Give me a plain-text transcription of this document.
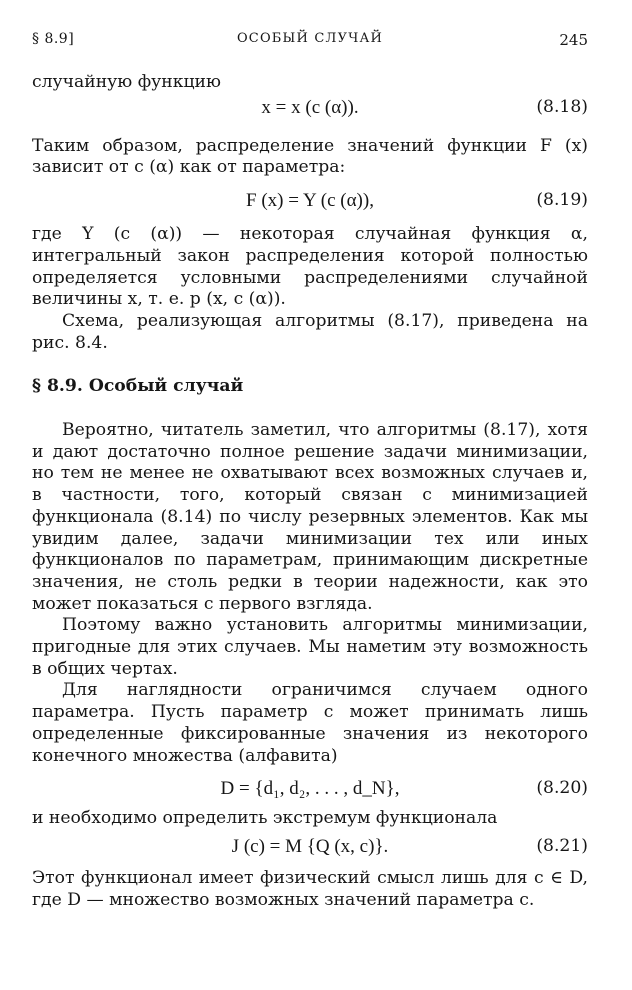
§ 8.9]	ОСОБЫЙ СЛУЧАЙ	245

случайную функцию

x = x (c (α)).	(8.18)

Таким образом, распределение значений функции F (x) зависит от c (α) как от параметра:

F (x) = Y (c (α)),	(8.19)

где Y (c (α)) — некоторая случайная функция α, интегральный закон распределения которой полностью определяется условными распределениями случайной величины x, т. е. p (x, c (α)).

Схема, реализующая алгоритмы (8.17), приведена на рис. 8.4.

§ 8.9. Особый случай

Вероятно, читатель заметил, что алгоритмы (8.17), хотя и дают достаточно полное решение задачи минимизации, но тем не менее не охватывают всех возможных случаев и, в частности, того, который связан с минимизацией функционала (8.14) по числу резервных элементов. Как мы увидим далее, задачи минимизации тех или иных функционалов по параметрам, принимающим дискретные значения, не столь редки в теории надежности, как это может показаться с первого взгляда.

Поэтому важно установить алгоритмы минимизации, пригодные для этих случаев. Мы наметим эту возможность в общих чертах.

Для наглядности ограничимся случаем одного параметра. Пусть параметр c может принимать лишь определенные фиксированные значения из некоторого конечного множества (алфавита)

D = {d₁, d₂, . . . , d_N},	(8.20)

и необходимо определить экстремум функционала

J (c) = M {Q (x, c)}.	(8.21)

Этот функционал имеет физический смысл лишь для c ∈ D, где D — множество возможных значений параметра c.
